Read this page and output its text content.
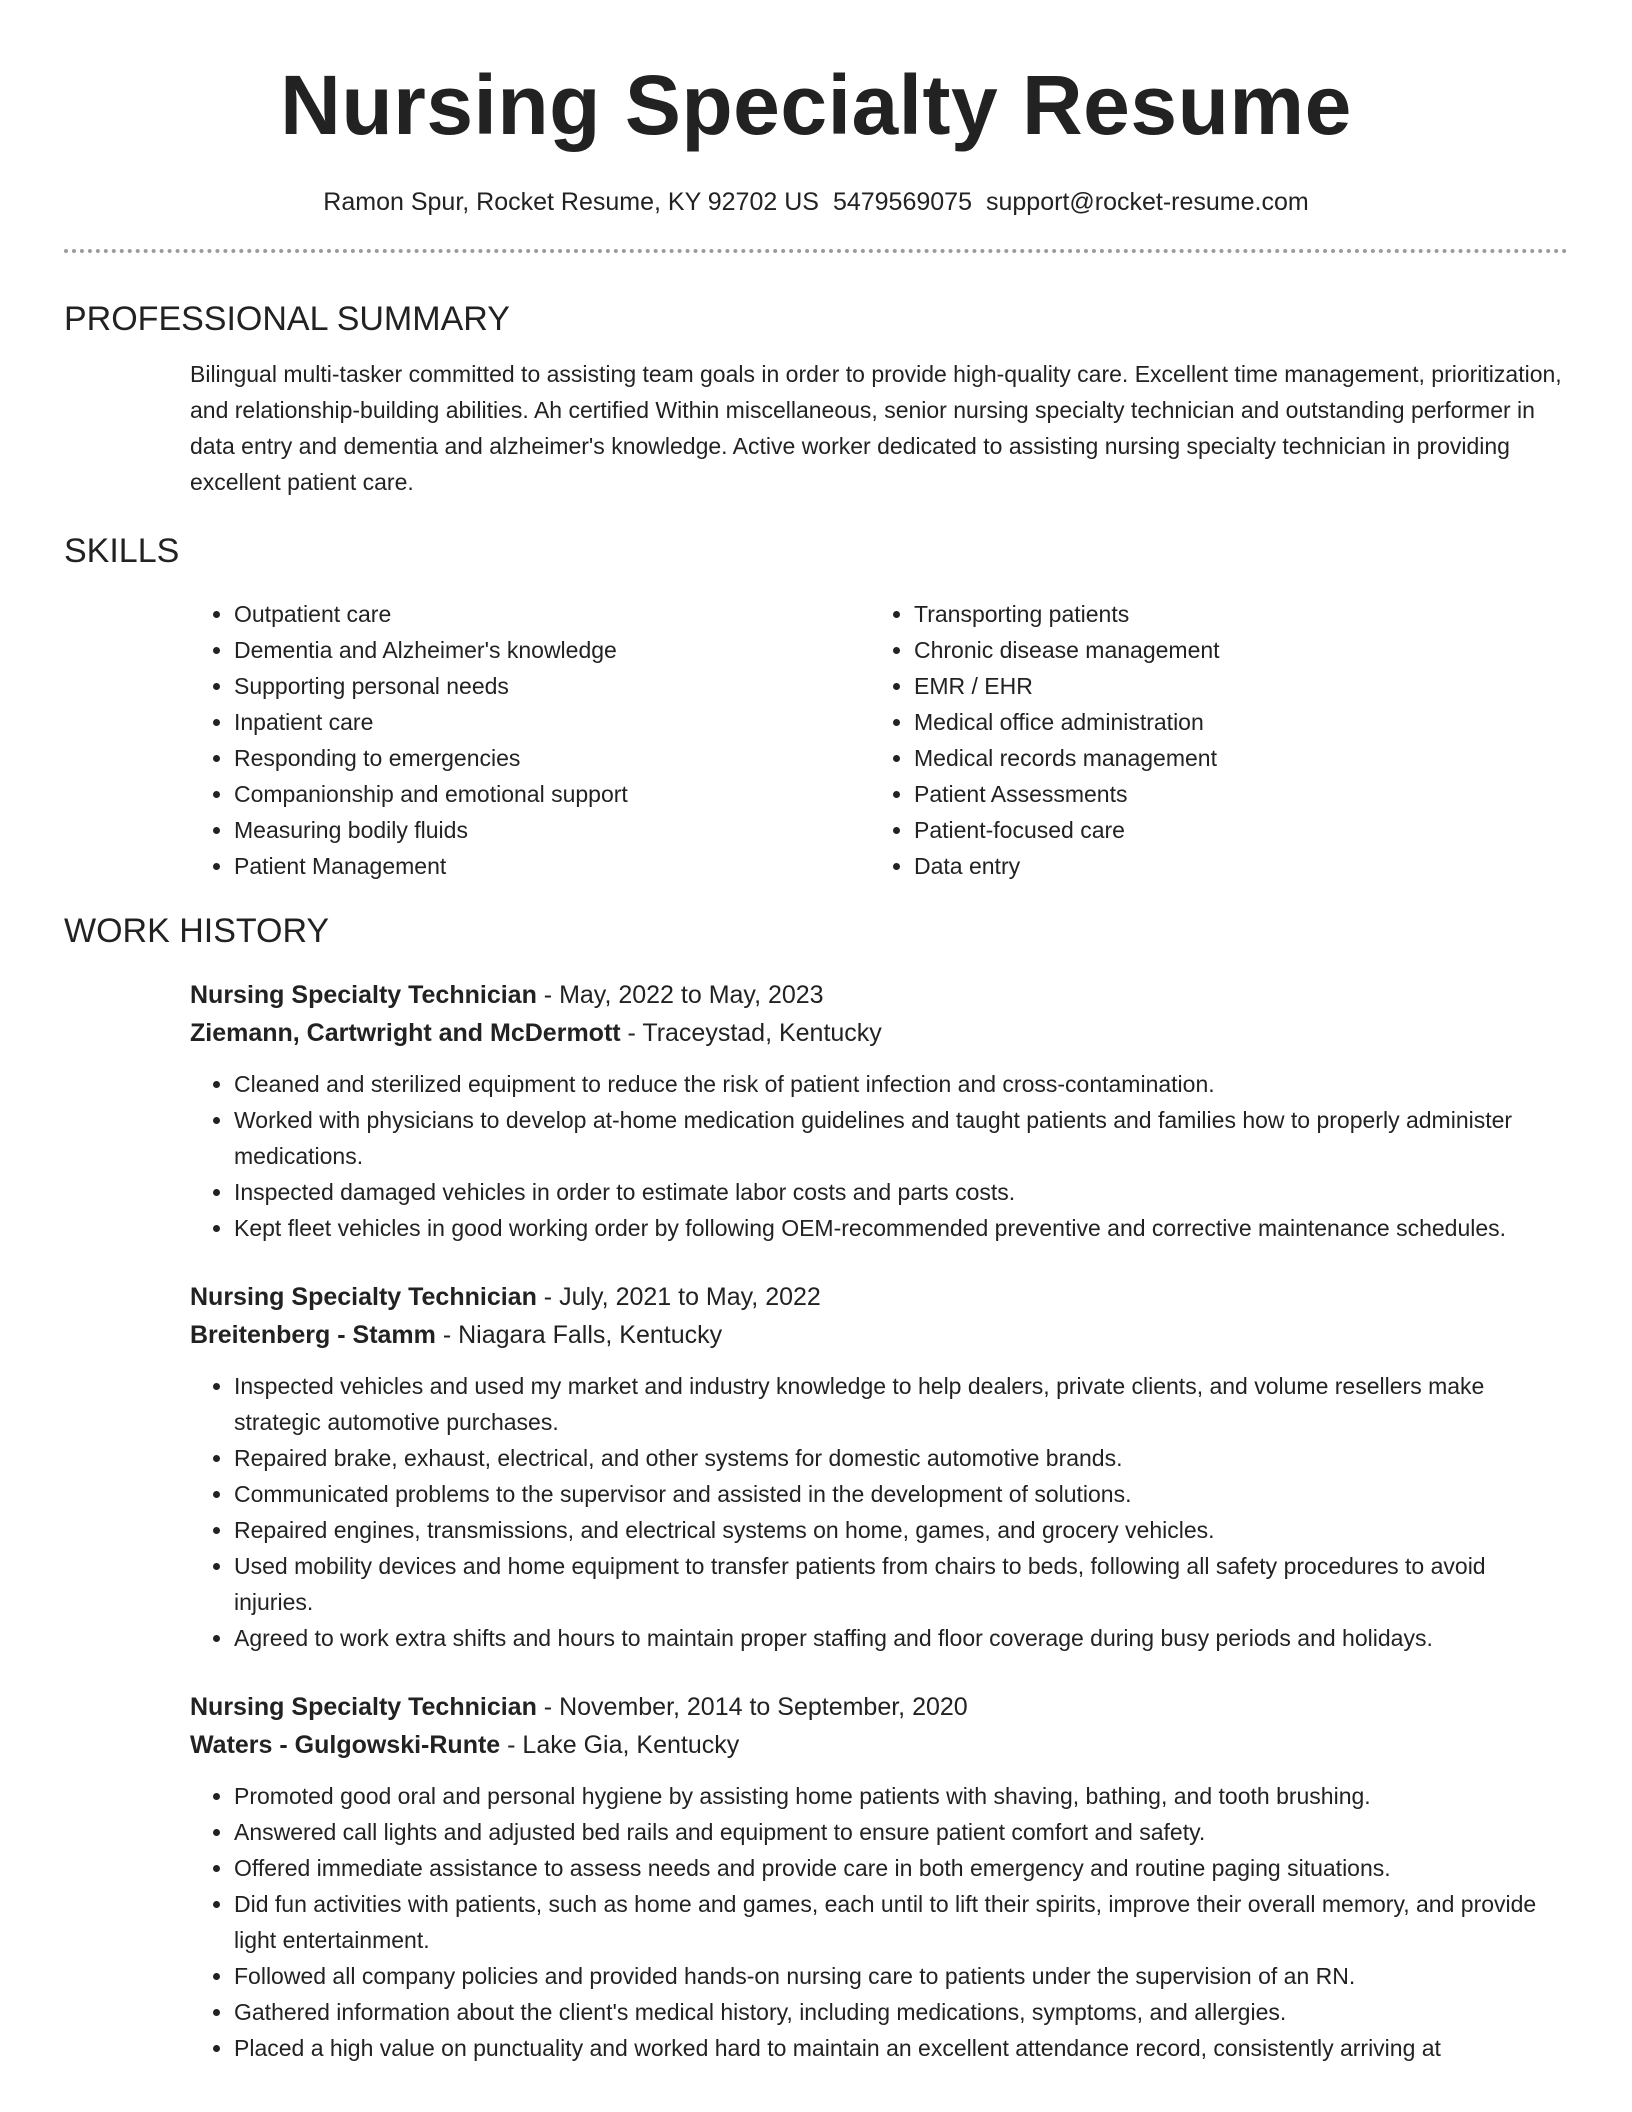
Nursing Specialty Resume
Ramon Spur, Rocket Resume, KY 92702 US 5479569075 support@rocket-resume.com
PROFESSIONAL SUMMARY

Bilingual multi-tasker committed to assisting team goals in order to provide high-quality care. Excellent time management, prioritization, and relationship-building abilities. Ah certified Within miscellaneous, senior nursing specialty technician and outstanding performer in data entry and dementia and alzheimer's knowledge. Active worker dedicated to assisting nursing specialty technician in providing excellent patient care.

SKILLS
• Outpatient care
• Dementia and Alzheimer's knowledge
• Supporting personal needs
• Inpatient care
• Responding to emergencies
• Companionship and emotional support
• Measuring bodily fluids
• Patient Management
• Transporting patients
• Chronic disease management
• EMR / EHR
• Medical office administration
• Medical records management
• Patient Assessments
• Patient-focused care
• Data entry
WORK HISTORY
Nursing Specialty Technician - May, 2022 to May, 2023
Ziemann, Cartwright and McDermott - Traceystad, Kentucky
• Cleaned and sterilized equipment to reduce the risk of patient infection and cross-contamination.
• Worked with physicians to develop at-home medication guidelines and taught patients and families how to properly administer medications.
• Inspected damaged vehicles in order to estimate labor costs and parts costs.
• Kept fleet vehicles in good working order by following OEM-recommended preventive and corrective maintenance schedules.
Nursing Specialty Technician - July, 2021 to May, 2022
Breitenberg - Stamm - Niagara Falls, Kentucky
• Inspected vehicles and used my market and industry knowledge to help dealers, private clients, and volume resellers make strategic automotive purchases.
• Repaired brake, exhaust, electrical, and other systems for domestic automotive brands.
• Communicated problems to the supervisor and assisted in the development of solutions.
• Repaired engines, transmissions, and electrical systems on home, games, and grocery vehicles.
• Used mobility devices and home equipment to transfer patients from chairs to beds, following all safety procedures to avoid injuries.
• Agreed to work extra shifts and hours to maintain proper staffing and floor coverage during busy periods and holidays.
Nursing Specialty Technician - November, 2014 to September, 2020
Waters - Gulgowski-Runte - Lake Gia, Kentucky
• Promoted good oral and personal hygiene by assisting home patients with shaving, bathing, and tooth brushing.
• Answered call lights and adjusted bed rails and equipment to ensure patient comfort and safety.
• Offered immediate assistance to assess needs and provide care in both emergency and routine paging situations.
• Did fun activities with patients, such as home and games, each until to lift their spirits, improve their overall memory, and provide light entertainment.
• Followed all company policies and provided hands-on nursing care to patients under the supervision of an RN.
• Gathered information about the client's medical history, including medications, symptoms, and allergies.
• Placed a high value on punctuality and worked hard to maintain an excellent attendance record, consistently arriving at
